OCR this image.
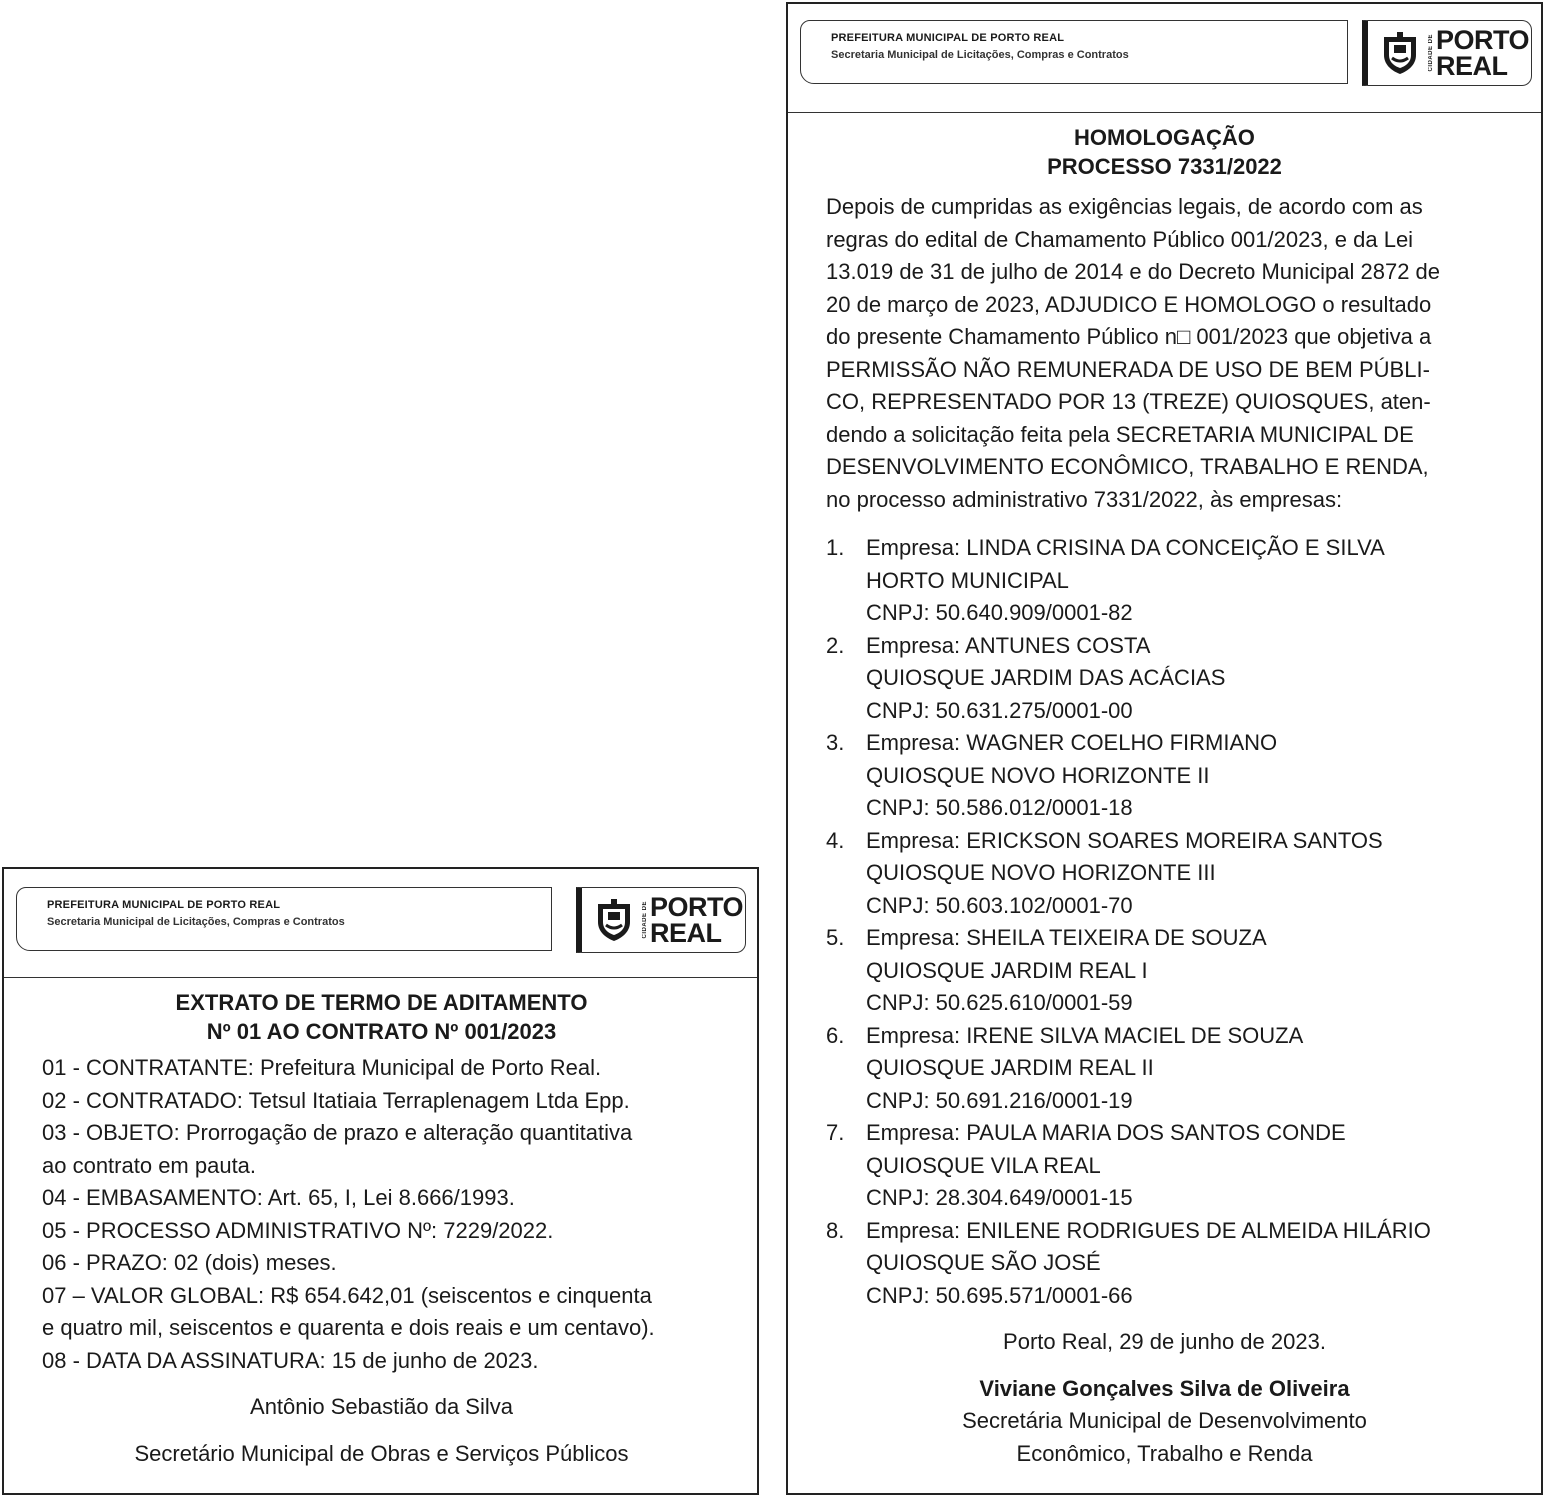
PREFEITURA MUNICIPAL DE PORTO REAL
Secretaria Municipal de Licitações, Compras e Contratos	CIDADE DE PORTO
REAL
HOMOLOGAÇÃO
PROCESSO 7331/2022
Depois de cumpridas as exigências legais, de acordo com as
regras do edital de Chamamento Público 001/2023, e da Lei
13.019 de 31 de julho de 2014 e do Decreto Municipal 2872 de
20 de março de 2023, ADJUDICO E HOMOLOGO o resultado
do presente Chamamento Público n□ 001/2023 que objetiva a
PERMISSÃO NÃO REMUNERADA DE USO DE BEM PÚBLI-
CO, REPRESENTADO POR 13 (TREZE) QUIOSQUES, aten-
dendo a solicitação feita pela SECRETARIA MUNICIPAL DE
DESENVOLVIMENTO ECONÔMICO, TRABALHO E RENDA,
no processo administrativo 7331/2022, às empresas:
1. Empresa: LINDA CRISINA DA CONCEIÇÃO E SILVA
HORTO MUNICIPAL
CNPJ: 50.640.909/0001-82
2. Empresa: ANTUNES COSTA
QUIOSQUE JARDIM DAS ACÁCIAS
CNPJ: 50.631.275/0001-00
3. Empresa: WAGNER COELHO FIRMIANO
QUIOSQUE NOVO HORIZONTE II
CNPJ: 50.586.012/0001-18
4. Empresa: ERICKSON SOARES MOREIRA SANTOS
QUIOSQUE NOVO HORIZONTE III
CNPJ: 50.603.102/0001-70
5. Empresa: SHEILA TEIXEIRA DE SOUZA
QUIOSQUE JARDIM REAL I
CNPJ: 50.625.610/0001-59
6. Empresa: IRENE SILVA MACIEL DE SOUZA
QUIOSQUE JARDIM REAL II
CNPJ: 50.691.216/0001-19
7. Empresa: PAULA MARIA DOS SANTOS CONDE
QUIOSQUE VILA REAL
CNPJ: 28.304.649/0001-15
8. Empresa: ENILENE RODRIGUES DE ALMEIDA HILÁRIO
QUIOSQUE SÃO JOSÉ
CNPJ: 50.695.571/0001-66
Porto Real, 29 de junho de 2023.
Viviane Gonçalves Silva de Oliveira
Secretária Municipal de Desenvolvimento
Econômico, Trabalho e Renda
PREFEITURA MUNICIPAL DE PORTO REAL
Secretaria Municipal de Licitações, Compras e Contratos	CIDADE DE PORTO
REAL
EXTRATO DE TERMO DE ADITAMENTO
Nº 01 AO CONTRATO Nº 001/2023
01 - CONTRATANTE: Prefeitura Municipal de Porto Real.
02 - CONTRATADO: Tetsul Itatiaia Terraplenagem Ltda Epp.
03 - OBJETO: Prorrogação de prazo e alteração quantitativa
ao contrato em pauta.
04 - EMBASAMENTO: Art. 65, I, Lei 8.666/1993.
05 - PROCESSO ADMINISTRATIVO Nº: 7229/2022.
06 - PRAZO: 02 (dois) meses.
07 – VALOR GLOBAL: R$ 654.642,01 (seiscentos e cinquenta
e quatro mil, seiscentos e quarenta e dois reais e um centavo).
08 - DATA DA ASSINATURA: 15 de junho de 2023.
Antônio Sebastião da Silva
Secretário Municipal de Obras e Serviços Públicos
